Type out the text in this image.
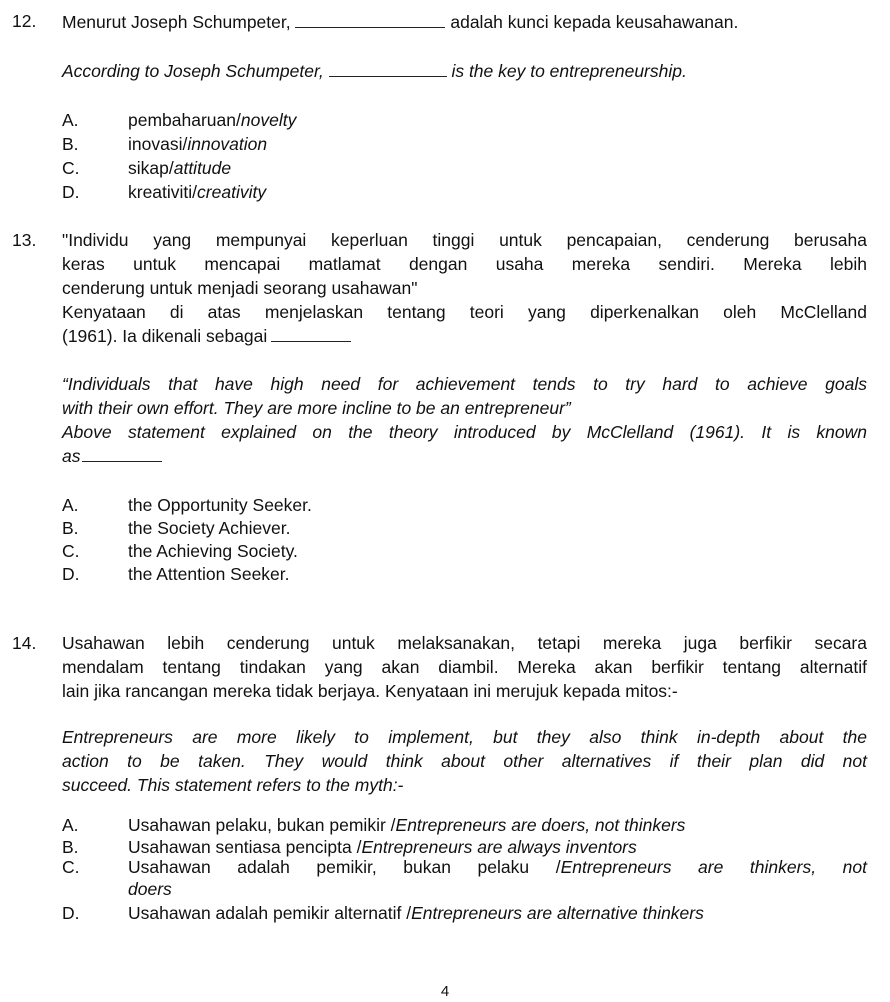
12. Menurut Joseph Schumpeter,	adalah kunci kepada keusahawanan.
According to Joseph Schumpeter,	is the key to entrepreneurship.
A.	pembaharuan/novelty
B.	inovasi/innovation
C.	sikap/attitude
D.	kreativiti/creativity
13. "Individu yang mempunyai keperluan tinggi untuk pencapaian, cenderung berusaha
keras untuk mencapai matlamat dengan usaha mereka sendiri. Mereka lebih
cenderung untuk menjadi seorang usahawan"
Kenyataan di atas menjelaskan tentang teori yang diperkenalkan oleh McClelland
(1961). Ia dikenali sebagai
“Individuals that have high need for achievement tends to try hard to achieve goals
with their own effort. They are more incline to be an entrepreneur”
Above statement explained on the theory introduced by McClelland (1961). It is known
as
A.	the Opportunity Seeker.
B.	the Society Achiever.
C.	the Achieving Society.
D.	the Attention Seeker.
14. Usahawan lebih cenderung untuk melaksanakan, tetapi mereka juga berfikir secara
mendalam tentang tindakan yang akan diambil. Mereka akan berfikir tentang alternatif
lain jika rancangan mereka tidak berjaya. Kenyataan ini merujuk kepada mitos:-
Entrepreneurs are more likely to implement, but they also think in-depth about the
action to be taken. They would think about other alternatives if their plan did not
succeed. This statement refers to the myth:-
A.	Usahawan pelaku, bukan pemikir /Entrepreneurs are doers, not thinkers
B.	Usahawan sentiasa pencipta /Entrepreneurs are always inventors
C.	Usahawan adalah pemikir, bukan pelaku /Entrepreneurs are thinkers, not
doers
D.	Usahawan adalah pemikir alternatif /Entrepreneurs are alternative thinkers
4
